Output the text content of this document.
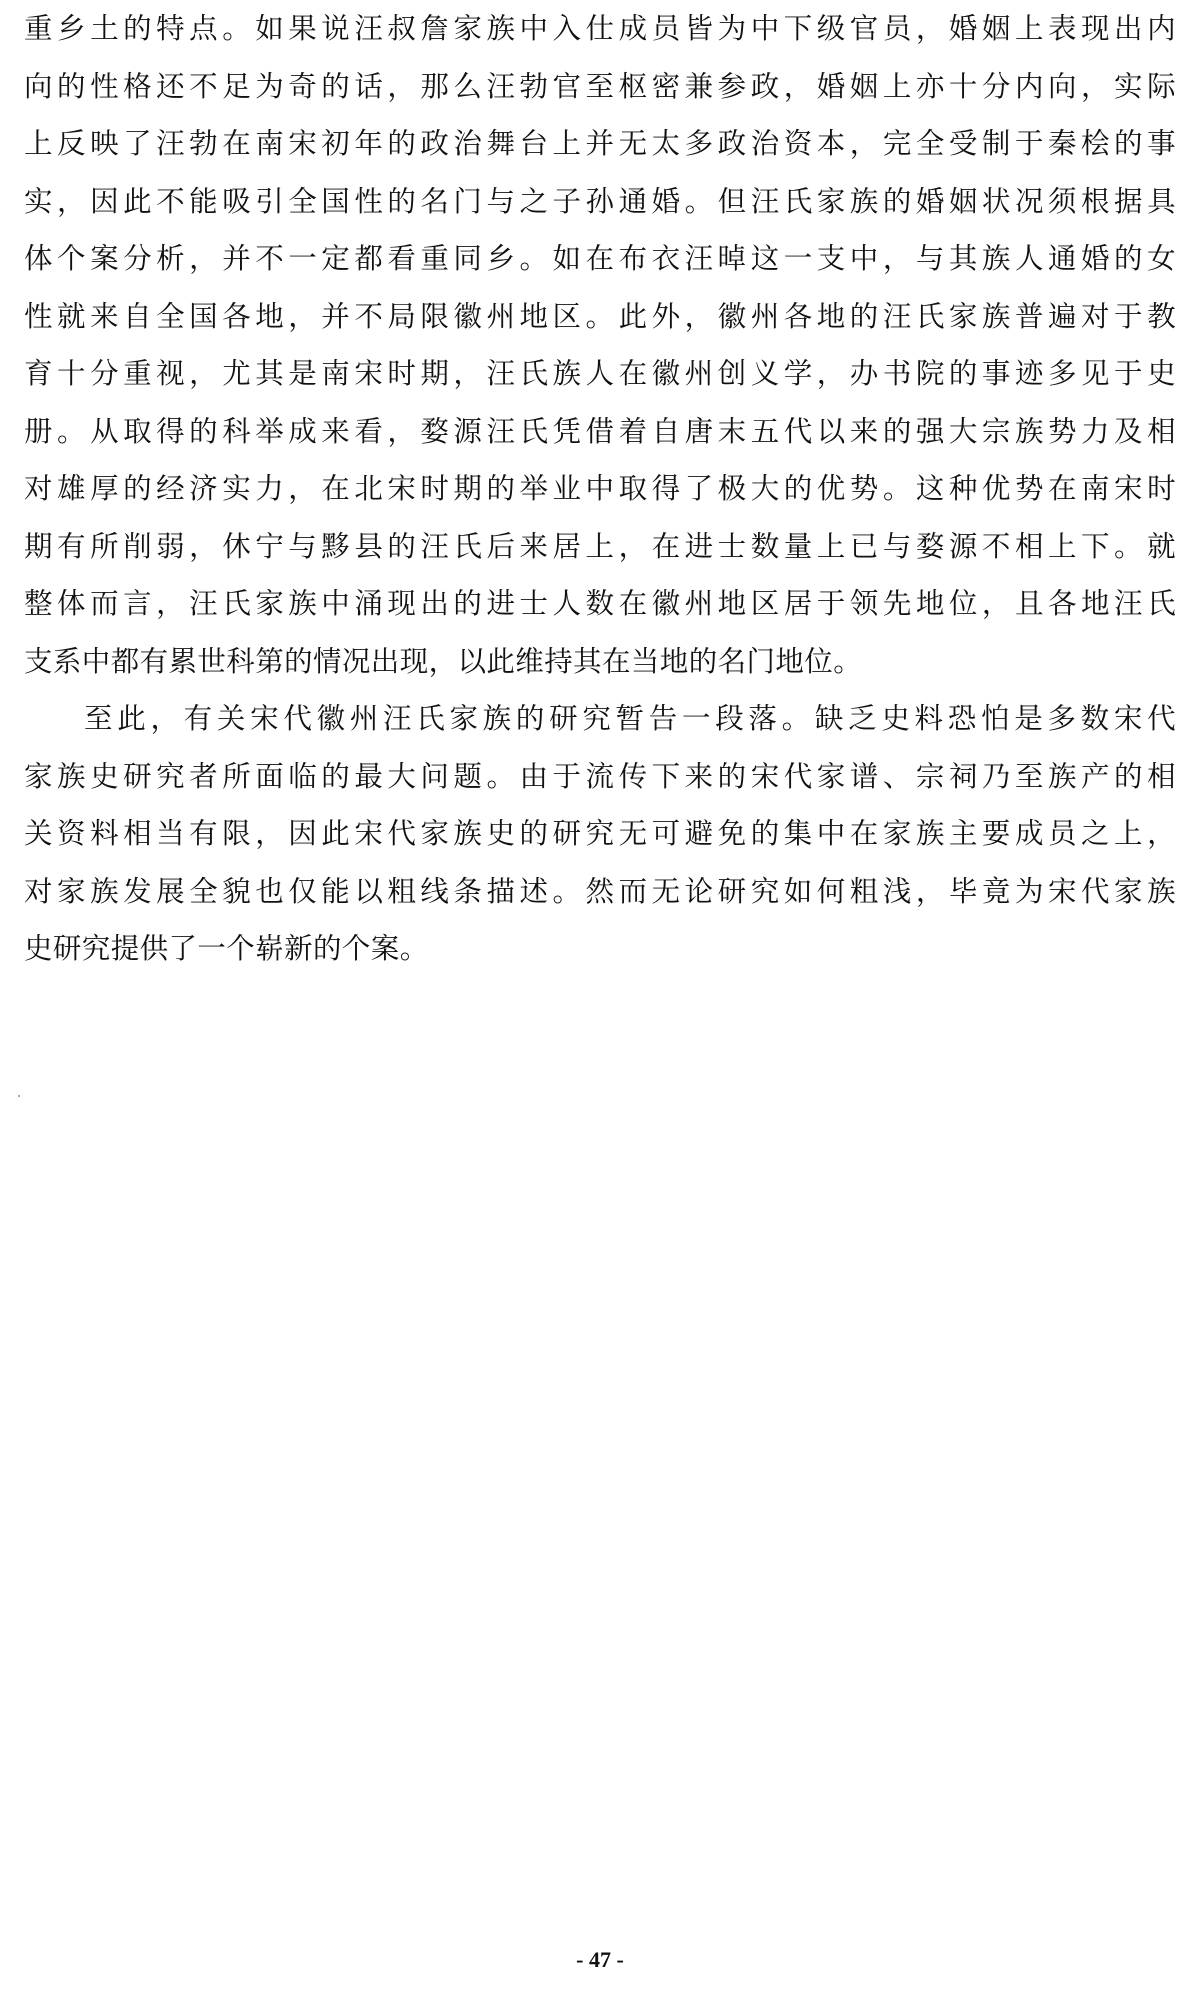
重乡土的特点。如果说汪叔詹家族中入仕成员皆为中下级官员，婚姻上表现出内
向的性格还不足为奇的话，那么汪勃官至枢密兼参政，婚姻上亦十分内向，实际
上反映了汪勃在南宋初年的政治舞台上并无太多政治资本，完全受制于秦桧的事
实，因此不能吸引全国性的名门与之子孙通婚。但汪氏家族的婚姻状况须根据具
体个案分析，并不一定都看重同乡。如在布衣汪晫这一支中，与其族人通婚的女
性就来自全国各地，并不局限徽州地区。此外，徽州各地的汪氏家族普遍对于教
育十分重视，尤其是南宋时期，汪氏族人在徽州创义学，办书院的事迹多见于史
册。从取得的科举成来看，婺源汪氏凭借着自唐末五代以来的强大宗族势力及相
对雄厚的经济实力，在北宋时期的举业中取得了极大的优势。这种优势在南宋时
期有所削弱，休宁与黟县的汪氏后来居上，在进士数量上已与婺源不相上下。就
整体而言，汪氏家族中涌现出的进士人数在徽州地区居于领先地位，且各地汪氏
支系中都有累世科第的情况出现，以此维持其在当地的名门地位。
至此，有关宋代徽州汪氏家族的研究暂告一段落。缺乏史料恐怕是多数宋代
家族史研究者所面临的最大问题。由于流传下来的宋代家谱、宗祠乃至族产的相
关资料相当有限，因此宋代家族史的研究无可避免的集中在家族主要成员之上，
对家族发展全貌也仅能以粗线条描述。然而无论研究如何粗浅，毕竟为宋代家族
史研究提供了一个崭新的个案。
- 47 -
